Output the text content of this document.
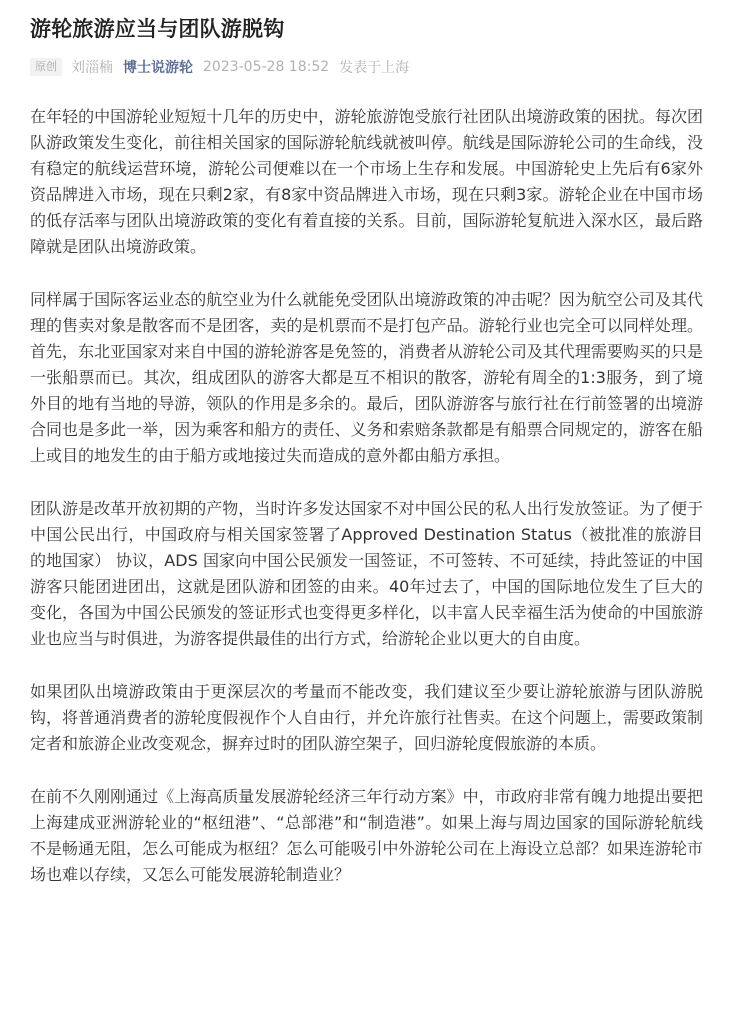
游轮旅游应当与团队游脱钩
原创	刘淄楠 博士说游轮 2023-05-28 18:52 发表于上海

在年轻的中国游轮业短短十几年的历史中，游轮旅游饱受旅行社团队出境游政策的困扰。每次团队游政策发生变化，前往相关国家的国际游轮航线就被叫停。航线是国际游轮公司的生命线，没有稳定的航线运营环境，游轮公司便难以在一个市场上生存和发展。中国游轮史上先后有6家外资品牌进入市场，现在只剩2家，有8家中资品牌进入市场，现在只剩3家。游轮企业在中国市场的低存活率与团队出境游政策的变化有着直接的关系。目前，国际游轮复航进入深水区，最后路障就是团队出境游政策。

同样属于国际客运业态的航空业为什么就能免受团队出境游政策的冲击呢？因为航空公司及其代理的售卖对象是散客而不是团客，卖的是机票而不是打包产品。游轮行业也完全可以同样处理。首先，东北亚国家对来自中国的游轮游客是免签的，消费者从游轮公司及其代理需要购买的只是一张船票而已。其次，组成团队的游客大都是互不相识的散客，游轮有周全的1:3服务，到了境外目的地有当地的导游，领队的作用是多余的。最后，团队游游客与旅行社在行前签署的出境游合同也是多此一举，因为乘客和船方的责任、义务和索赔条款都是有船票合同规定的，游客在船上或目的地发生的由于船方或地接过失而造成的意外都由船方承担。

团队游是改革开放初期的产物，当时许多发达国家不对中国公民的私人出行发放签证。为了便于中国公民出行，中国政府与相关国家签署了Approved Destination Status（被批准的旅游目的地国家） 协议，ADS 国家向中国公民颁发一国签证，不可签转、不可延续，持此签证的中国游客只能团进团出，这就是团队游和团签的由来。40年过去了，中国的国际地位发生了巨大的变化，各国为中国公民颁发的签证形式也变得更多样化，以丰富人民幸福生活为使命的中国旅游业也应当与时俱进，为游客提供最佳的出行方式，给游轮企业以更大的自由度。

如果团队出境游政策由于更深层次的考量而不能改变，我们建议至少要让游轮旅游与团队游脱钩，将普通消费者的游轮度假视作个人自由行，并允许旅行社售卖。在这个问题上，需要政策制定者和旅游企业改变观念，摒弃过时的团队游空架子，回归游轮度假旅游的本质。

在前不久刚刚通过《上海高质量发展游轮经济三年行动方案》中，市政府非常有魄力地提出要把上海建成亚洲游轮业的“枢纽港”、“总部港”和“制造港”。如果上海与周边国家的国际游轮航线不是畅通无阻，怎么可能成为枢纽？怎么可能吸引中外游轮公司在上海设立总部？如果连游轮市场也难以存续，又怎么可能发展游轮制造业？
